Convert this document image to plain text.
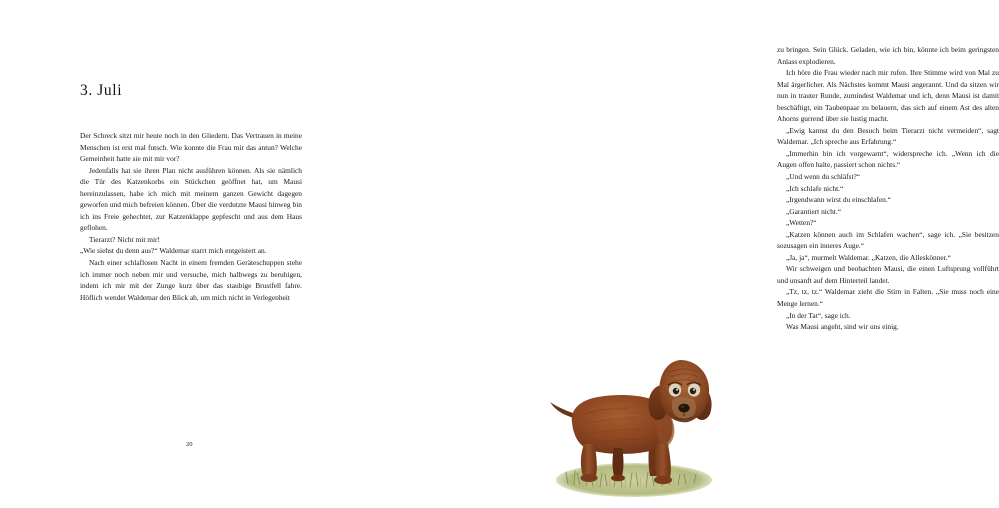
3. Juli

Der Schreck sitzt mir heute noch in den Gliedern. Das Vertrauen in meine Menschen ist erst mal futsch. Wie konnte die Frau mir das antun? Welche Gemeinheit hatte sie mit mir vor?

Jedenfalls hat sie ihren Plan nicht ausführen können. Als sie nämlich die Tür des Katzenkorbs ein Stückchen geöffnet hat, um Mausi hereinzulassen, habe ich mich mit meinem ganzen Gewicht dagegen geworfen und mich befreien können. Über die verdutzte Mausi hinweg bin ich ins Freie gehechtet, zur Katzenklappe gepfescht und aus dem Haus geflohen.

Tierarzt? Nicht mit mir!

„Wie siehst du denn aus?“ Waldemar starrt mich entgeistert an.

Nach einer schlaflosen Nacht in einem fremden Geräteschuppen stehe ich immer noch neben mir und versuche, mich halbwegs zu beruhigen, indem ich mir mit der Zunge kurz über das staubige Brustfell fahre. Höflich wendet Waldemar den Blick ab, um mich nicht in Verlegenheit

20

zu bringen. Sein Glück. Geladen, wie ich bin, könnte ich beim geringsten Anlass explodieren.

Ich höre die Frau wieder nach mir rufen. Ihre Stimme wird von Mal zu Mal ärgerlicher. Als Nächstes kommt Mausi angerannt. Und da sitzen wir nun in trauter Runde, zumindest Waldemar und ich, denn Mausi ist damit beschäftigt, ein Taubenpaar zu belauern, das sich auf einem Ast des alten Ahorns gurrend über sie lustig macht.

„Ewig kannst du den Besuch beim Tierarzt nicht vermeiden“, sagt Waldemar. „Ich spreche aus Erfahrung.“

„Immerhin bin ich vorgewarnt“, widerspreche ich. „Wenn ich die Augen offen halte, passiert schon nichts.“

„Und wenn du schläfst?“

„Ich schlafe nicht.“

„Irgendwann wirst du einschlafen.“

„Garantiert nicht.“

„Wetten?“

„Katzen können auch im Schlafen wachen“, sage ich. „Sie besitzen sozusagen ein inneres Auge.“

„Ja, ja“, murmelt Waldemar. „Katzen, die Alleskönner.“

Wir schweigen und beobachten Mausi, die einen Luftsprung vollführt und unsanft auf dem Hinterteil landet.

„Tz, tz, tz.“ Waldemar zieht die Stirn in Falten. „Sie muss noch eine Menge lernen.“

„In der Tat“, sage ich.

Was Mausi angeht, sind wir uns einig.
